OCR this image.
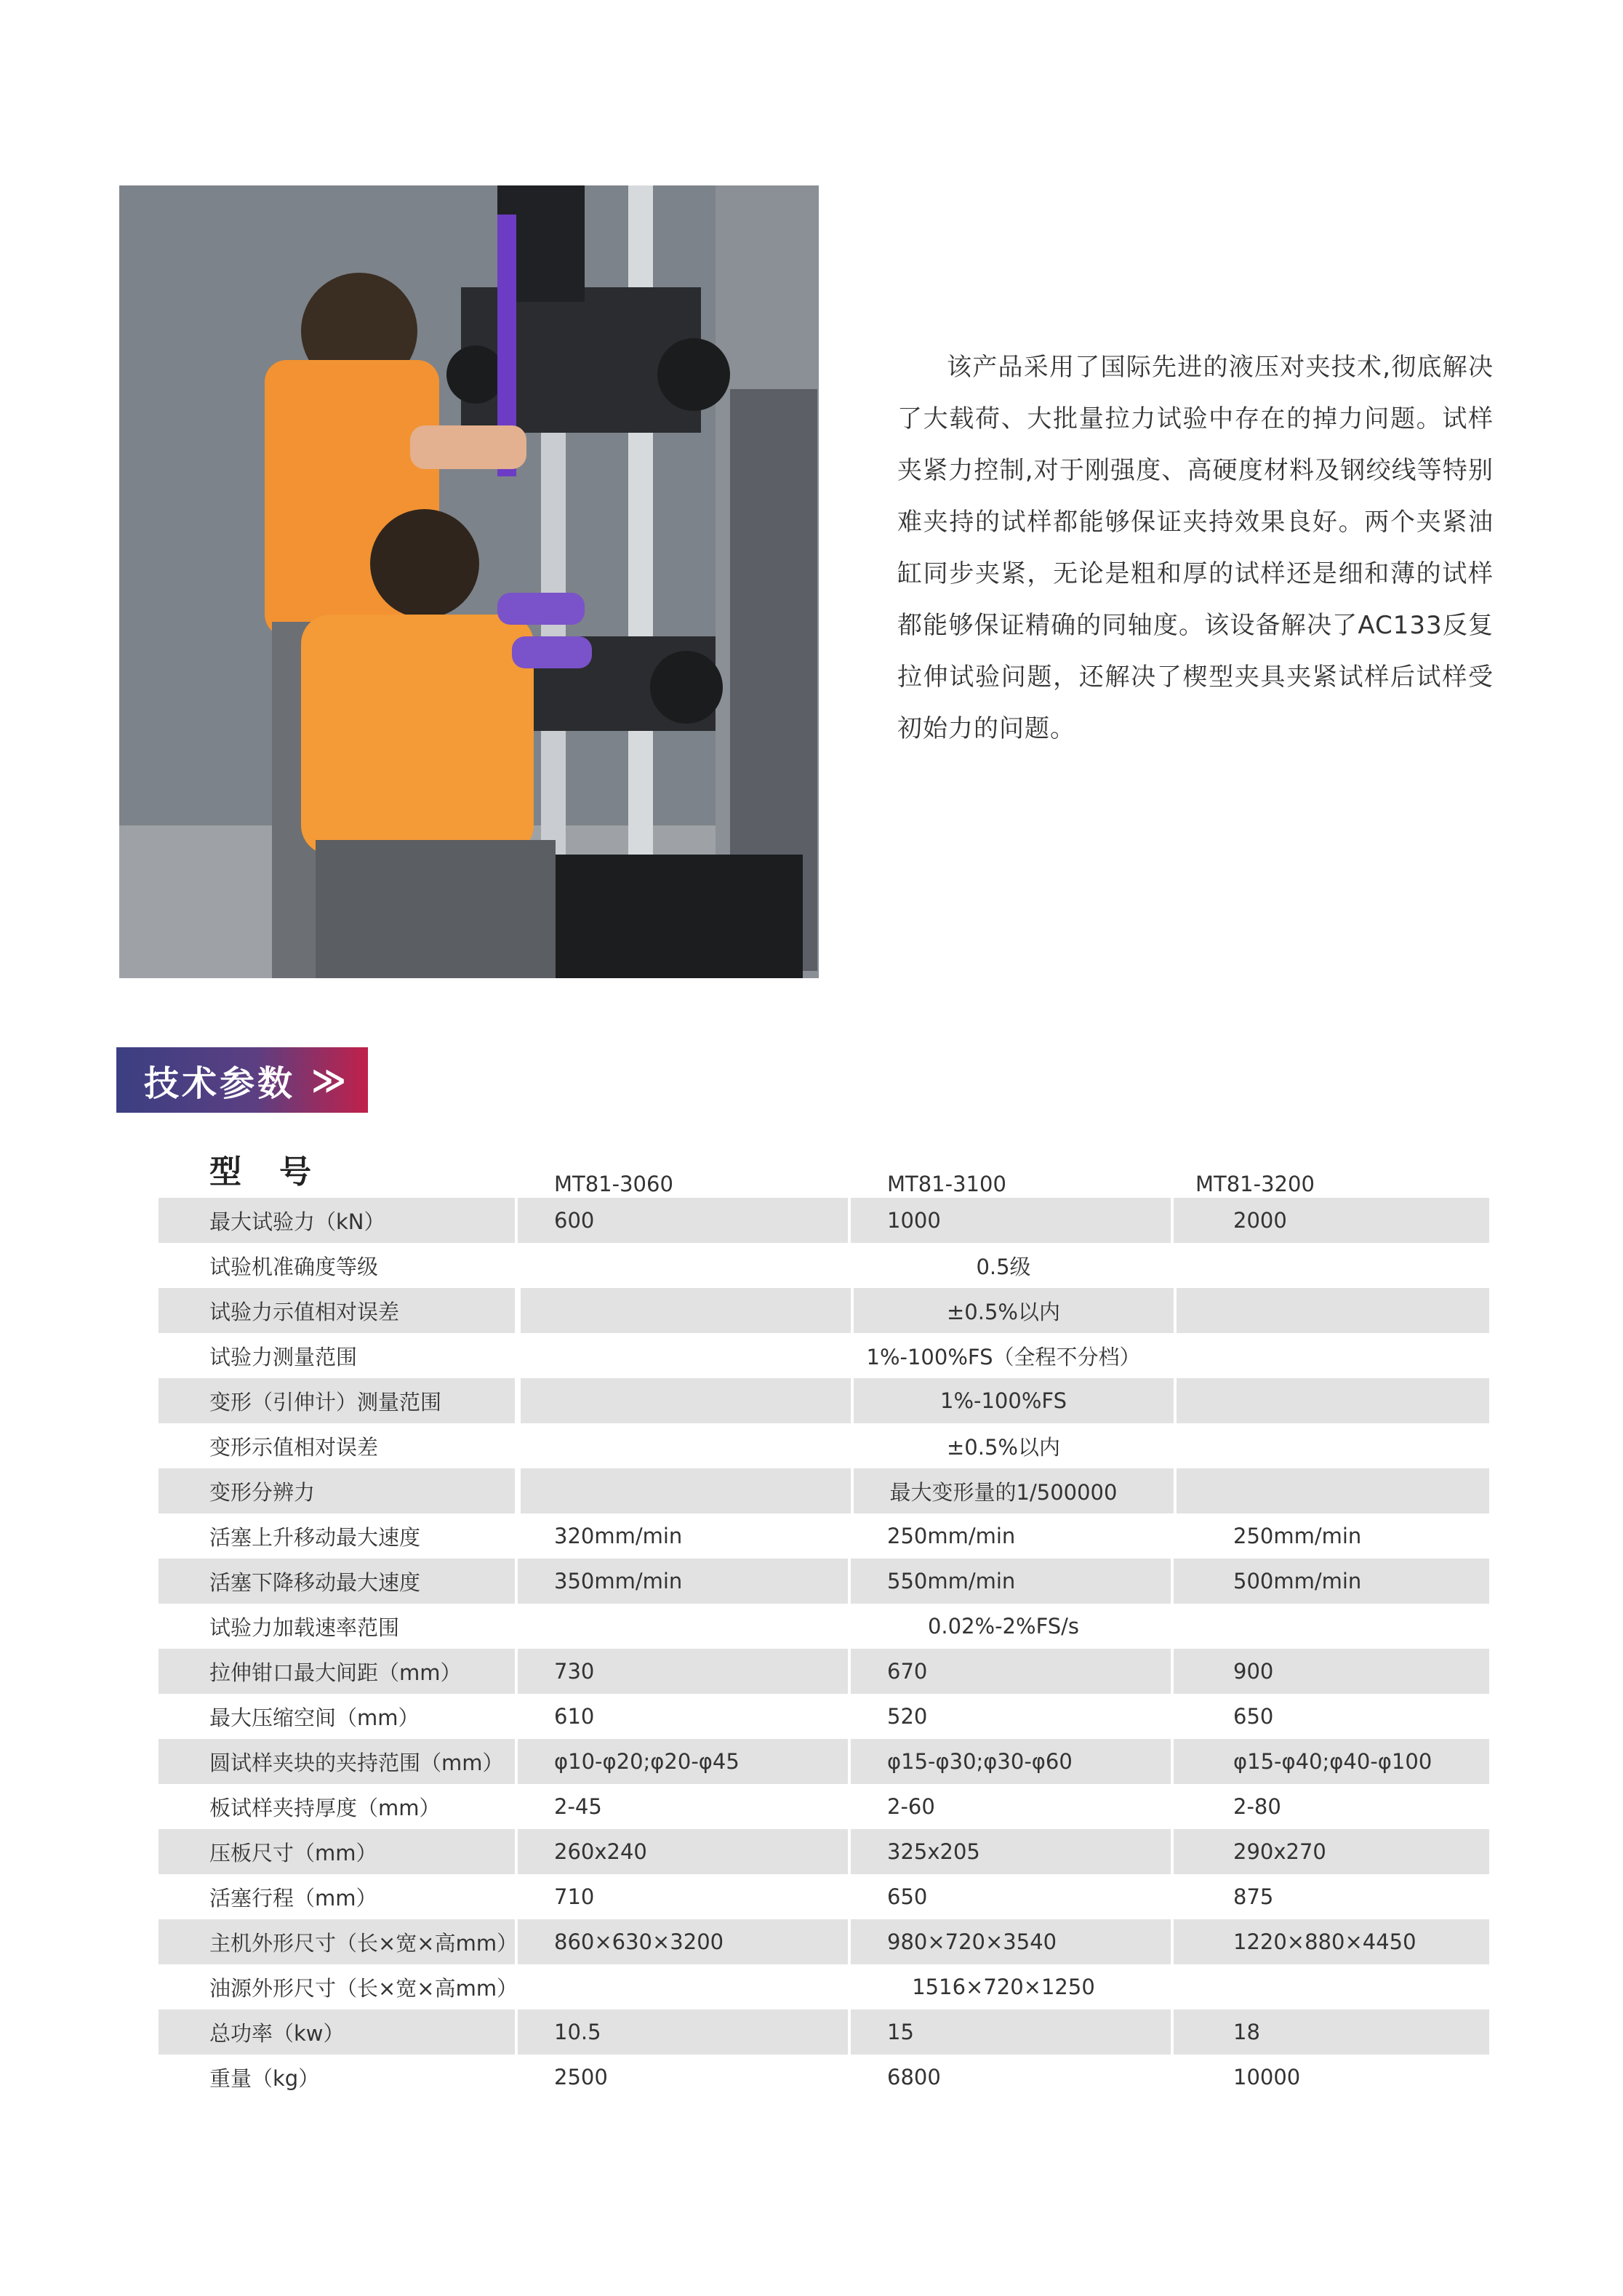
该产品采用了国际先进的液压对夹技术,彻底解决了大载荷、大批量拉力试验中存在的掉力问题。试样夹紧力控制,对于刚强度、高硬度材料及钢绞线等特别难夹持的试样都能够保证夹持效果良好。两个夹紧油缸同步夹紧，无论是粗和厚的试样还是细和薄的试样都能够保证精确的同轴度。该设备解决了AC133反复拉伸试验问题，还解决了楔型夹具夹紧试样后试样受初始力的问题。

技术参数 ≫
型号	MT81-3060	MT81-3100	MT81-3200
最大试验力（kN）	600	1000	2000
试验机准确度等级	0.5级
试验力示值相对误差	±0.5%以内
试验力测量范围	1%-100%FS（全程不分档）
变形（引伸计）测量范围	1%-100%FS
变形示值相对误差	±0.5%以内
变形分辨力	最大变形量的1/500000
活塞上升移动最大速度	320mm/min	250mm/min	250mm/min
活塞下降移动最大速度	350mm/min	550mm/min	500mm/min
试验力加载速率范围	0.02%-2%FS/s
拉伸钳口最大间距（mm）	730	670	900
最大压缩空间（mm）	610	520	650
圆试样夹块的夹持范围（mm）	φ10-φ20;φ20-φ45	φ15-φ30;φ30-φ60	φ15-φ40;φ40-φ100
板试样夹持厚度（mm）	2-45	2-60	2-80
压板尺寸（mm）	260x240	325x205	290x270
活塞行程（mm）	710	650	875
主机外形尺寸（长×宽×高mm）	860×630×3200	980×720×3540	1220×880×4450
油源外形尺寸（长×宽×高mm）	1516×720×1250
总功率（kw）	10.5	15	18
重量（kg）	2500	6800	10000
